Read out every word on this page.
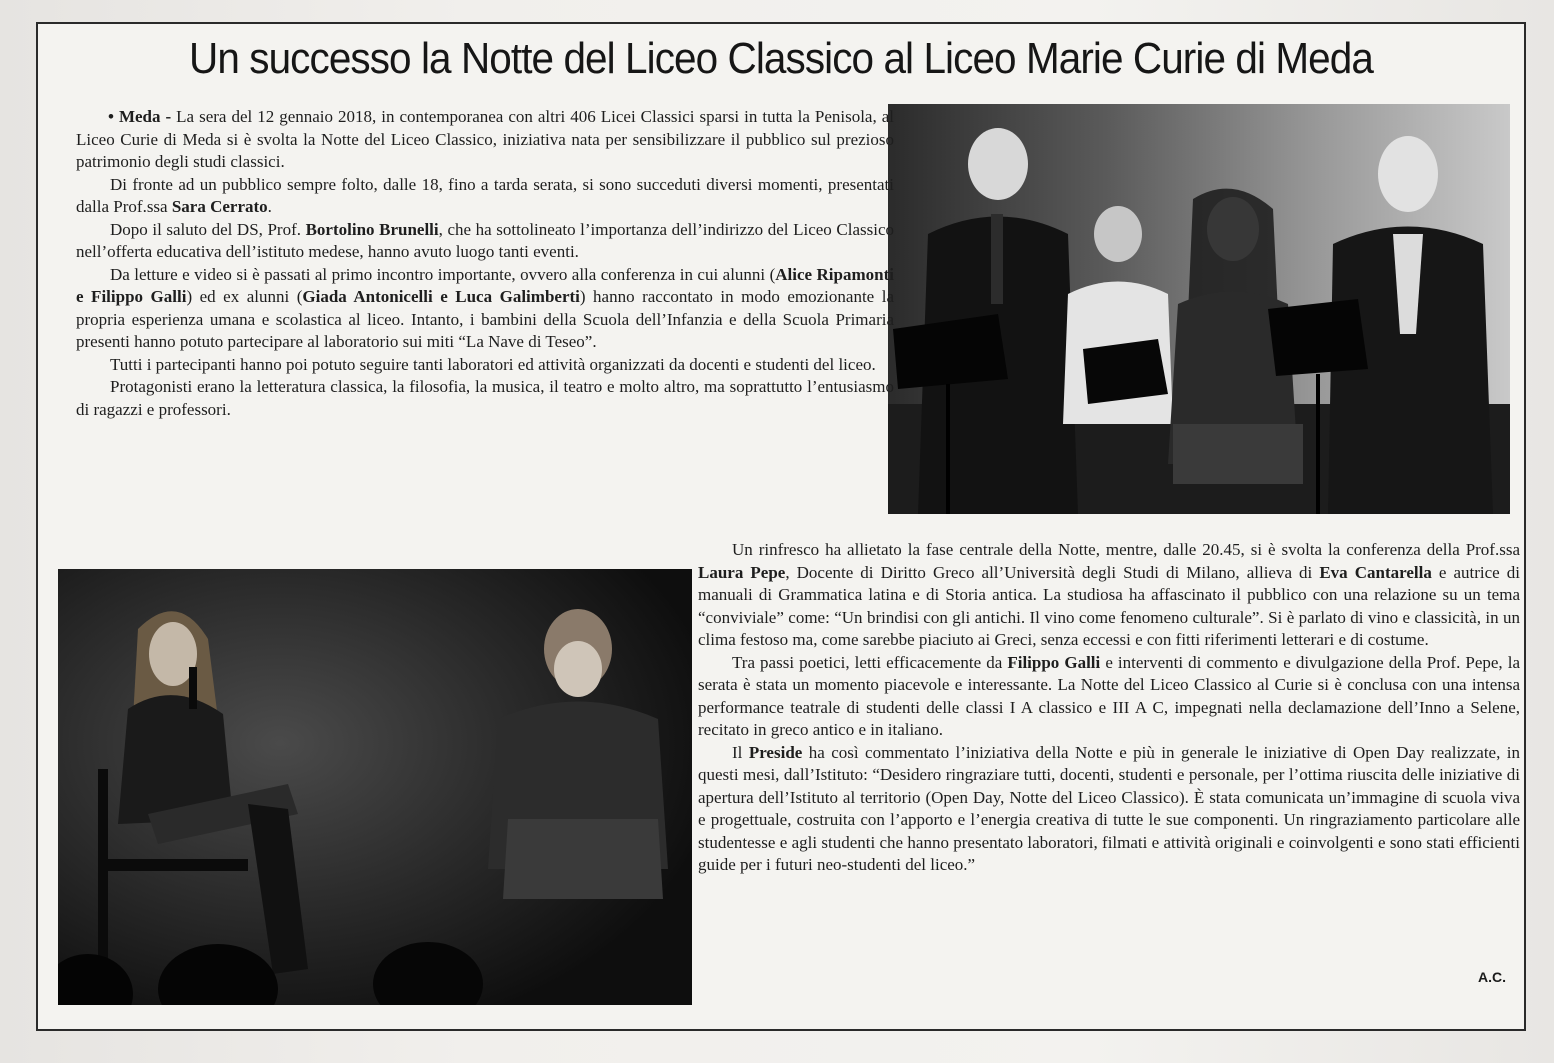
Un successo la Notte del Liceo Classico al Liceo Marie Curie di Meda

• Meda - La sera del 12 gennaio 2018, in contemporanea con altri 406 Licei Classici sparsi in tutta la Penisola, al Liceo Curie di Meda si è svolta la Notte del Liceo Classico, iniziativa nata per sensibilizzare il pubblico sul prezioso patrimonio degli studi classici.

Di fronte ad un pubblico sempre folto, dalle 18, fino a tarda serata, si sono succeduti diversi momenti, presentati dalla Prof.ssa Sara Cerrato.

Dopo il saluto del DS, Prof. Bortolino Brunelli, che ha sottolineato l’importanza dell’indirizzo del Liceo Classico nell’offerta educativa dell’istituto medese, hanno avuto luogo tanti eventi.

Da letture e video si è passati al primo incontro importante, ovvero alla conferenza in cui alunni (Alice Ripamonti e Filippo Galli) ed ex alunni (Giada Antonicelli e Luca Galimberti) hanno raccontato in modo emozionante la propria esperienza umana e scolastica al liceo. Intanto, i bambini della Scuola dell’Infanzia e della Scuola Primaria presenti hanno potuto partecipare al laboratorio sui miti “La Nave di Teseo”.

Tutti i partecipanti hanno poi potuto seguire tanti laboratori ed attività organizzati da docenti e studenti del liceo.

Protagonisti erano la letteratura classica, la filosofia, la musica, il teatro e molto altro, ma soprattutto l’entusiasmo di ragazzi e professori.

Un rinfresco ha allietato la fase centrale della Notte, mentre, dalle 20.45, si è svolta la conferenza della Prof.ssa Laura Pepe, Docente di Diritto Greco all’Università degli Studi di Milano, allieva di Eva Cantarella e autrice di manuali di Grammatica latina e di Storia antica. La studiosa ha affascinato il pubblico con una relazione su un tema “conviviale” come: “Un brindisi con gli antichi. Il vino come fenomeno culturale”. Si è parlato di vino e classicità, in un clima festoso ma, come sarebbe piaciuto ai Greci, senza eccessi e con fitti riferimenti letterari e di costume.

Tra passi poetici, letti efficacemente da Filippo Galli e interventi di commento e divulgazione della Prof. Pepe, la serata è stata un momento piacevole e interessante. La Notte del Liceo Classico al Curie si è conclusa con una intensa performance teatrale di studenti delle classi I A classico e III A C, impegnati nella declamazione dell’Inno a Selene, recitato in greco antico e in italiano.

Il Preside ha così commentato l’iniziativa della Notte e più in generale le iniziative di Open Day realizzate, in questi mesi, dall’Istituto: “Desidero ringraziare tutti, docenti, studenti e personale, per l’ottima riuscita delle iniziative di apertura dell’Istituto al territorio (Open Day, Notte del Liceo Classico). È stata comunicata un’immagine di scuola viva e progettuale, costruita con l’apporto e l’energia creativa di tutte le sue componenti. Un ringraziamento particolare alle studentesse e agli studenti che hanno presentato laboratori, filmati e attività originali e coinvolgenti e sono stati efficienti guide per i futuri neo-studenti del liceo.”

A.C.
